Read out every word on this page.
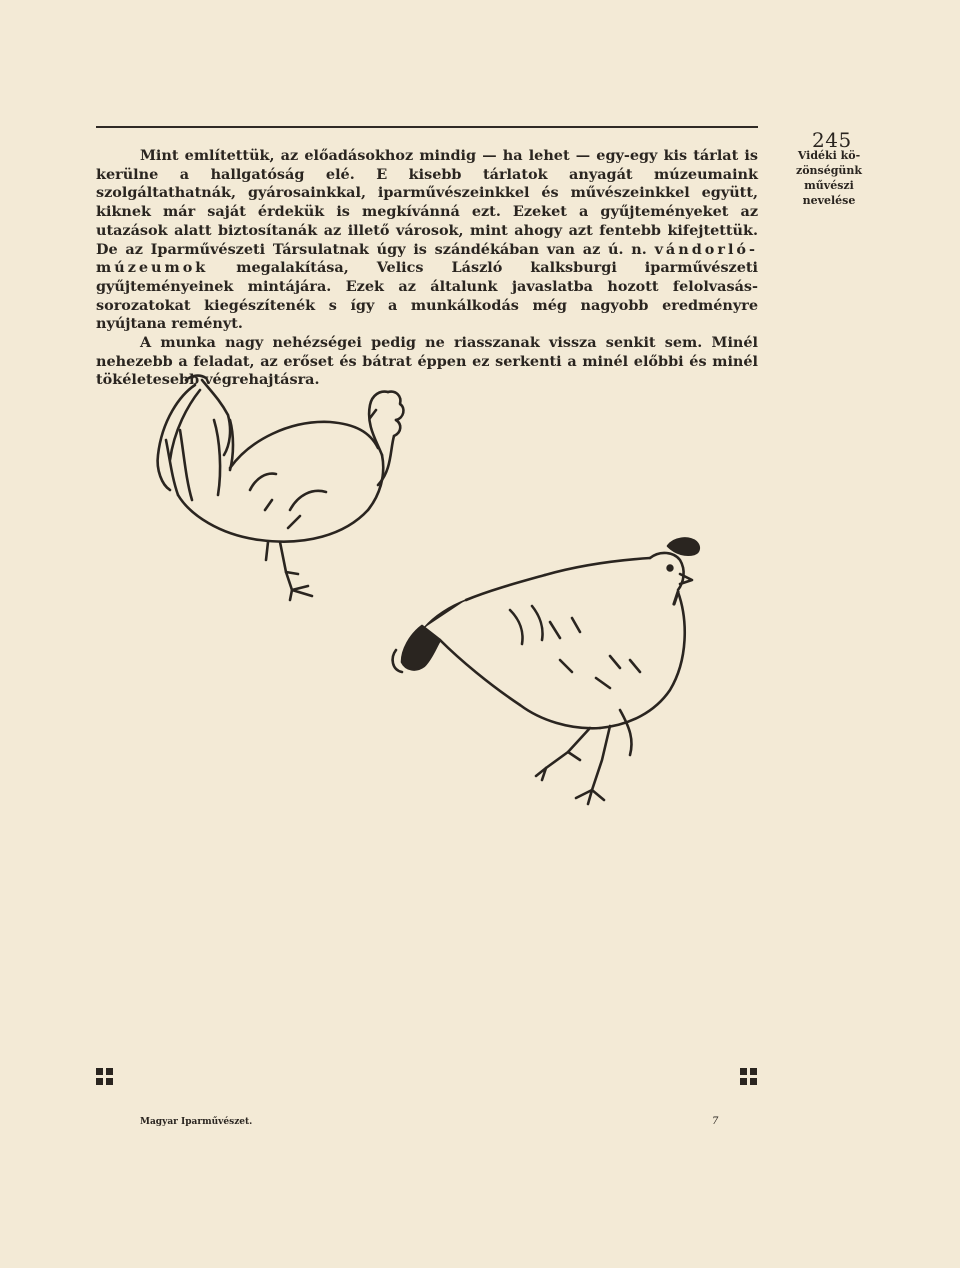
245
Vidéki kö-
zönségünk
művészi
nevelése

Mint említettük, az előadásokhoz mindig — ha lehet — egy-egy kis tárlat is kerülne a hallgatóság elé. E kisebb tárlatok anyagát múzeumaink szolgáltathatnák, gyárosainkkal, iparművészeinkkel és művészeinkkel együtt, kiknek már saját érdekük is megkívánná ezt. Ezeket a gyűjteményeket az utazások alatt biztosítanák az illető városok, mint ahogy azt fentebb kifejtettük. De az Iparművészeti Társulatnak úgy is szándékában van az ú. n. vándorló-múzeumok megalakítása, Velics László kalksburgi iparművészeti gyűjteményeinek mintájára. Ezek az általunk javaslatba hozott felolvasás-sorozatokat kiegészítenék s így a munkálkodás még nagyobb eredményre nyújtana reményt.

A munka nagy nehézségei pedig ne riasszanak vissza senkit sem. Minél nehezebb a feladat, az erőset és bátrat éppen ez serkenti a minél előbbi és minél tökéletesebb végrehajtásra.

Magyar Iparművészet.	7
